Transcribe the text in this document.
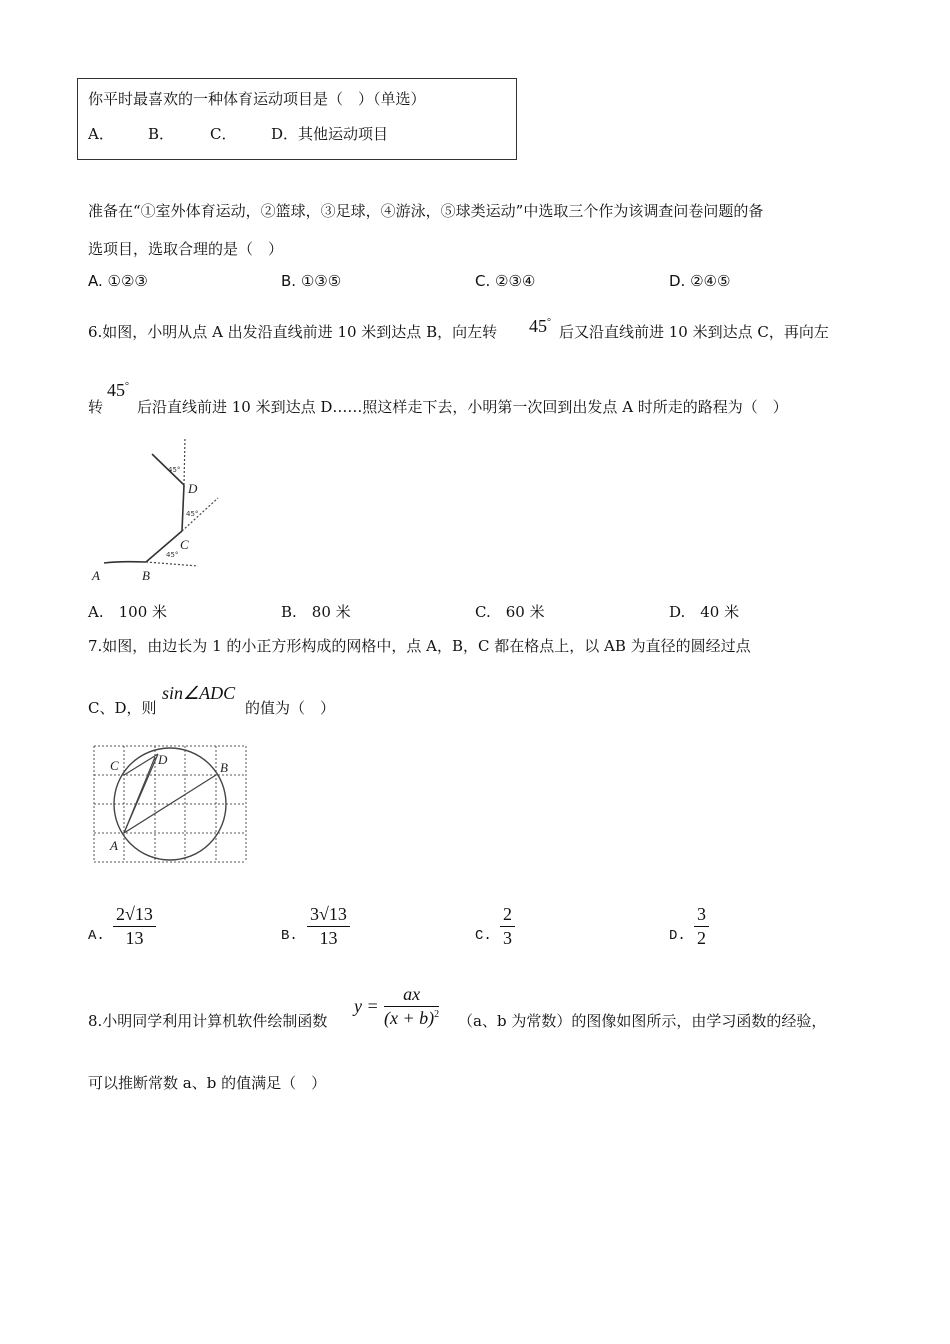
你平时最喜欢的一种体育运动项目是（　）（单选）
A． B． C． D．其他运动项目
准备在“①室外体育运动，②篮球，③足球，④游泳，⑤球类运动”中选取三个作为该调查问卷问题的备
选项目，选取合理的是（　）
A. ①②③	B. ①③⑤	C. ②③④	D. ②④⑤
6.如图，小明从点 A 出发沿直线前进 10 米到达点 B，向左转 45°
后又沿直线前进 10 米到达点 C，再向左
转
45°
后沿直线前进 10 米到达点 D……照这样走下去，小明第一次回到出发点 A 时所走的路程为（　）
A	B
C
D
45°
45°
45°
A.　100 米	B.　80 米	C.　60 米	D.　40 米
7.如图，由边长为 1 的小正方形构成的网格中，点 A，B，C 都在格点上，以 AB 为直径的圆经过点
C、D，则
sin∠ADC
的值为（　）
A
B
C	D
A.
2√13
13	B.
3√13
13	C.
2
3	D.
3
2
8.小明同学利用计算机软件绘制函数
y =
ax
$(x + b)^2$ （a、b 为常数）的图像如图所示，由学习函数的经验，
可以推断常数 a、b 的值满足（　）
